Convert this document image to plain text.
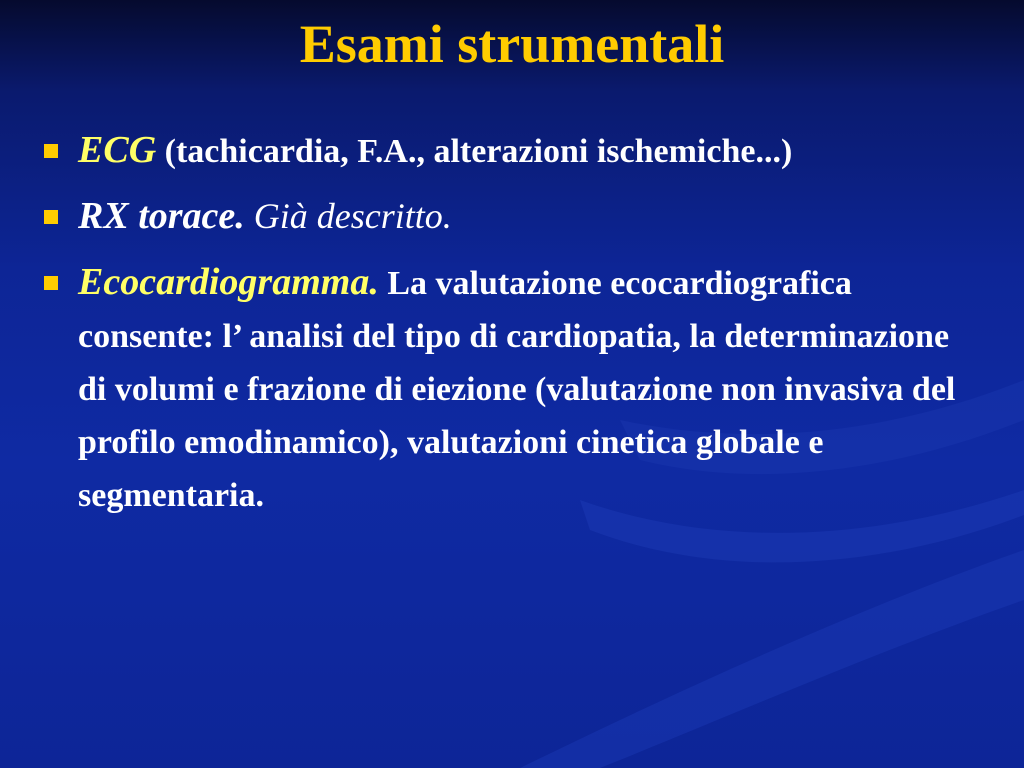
Esami strumentali
ECG (tachicardia, F.A., alterazioni ischemiche...)
RX torace. Già descritto.
Ecocardiogramma. La valutazione ecocardiografica consente: l’ analisi del tipo di cardiopatia, la determinazione di volumi e frazione di eiezione (valutazione non invasiva del profilo emodinamico), valutazioni cinetica globale e segmentaria.
